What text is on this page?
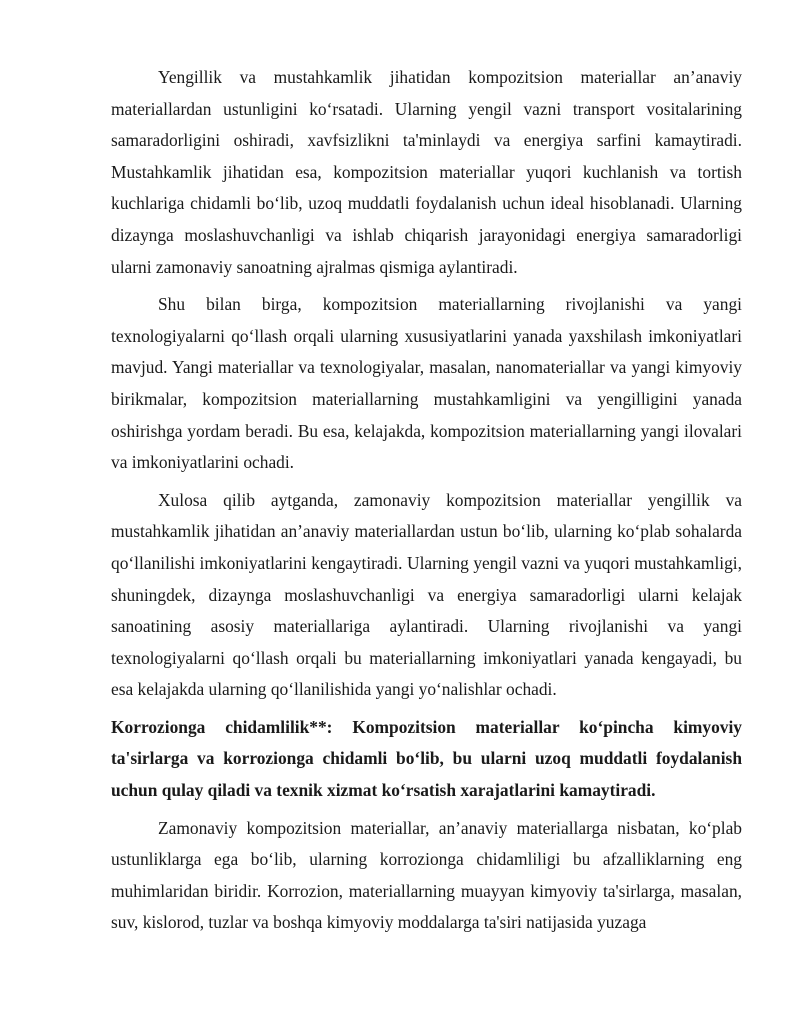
Yengillik va mustahkamlik jihatidan kompozitsion materiallar an’anaviy materiallardan ustunligini ko‘rsatadi. Ularning yengil vazni transport vositalarining samaradorligini oshiradi, xavfsizlikni ta'minlaydi va energiya sarfini kamaytiradi. Mustahkamlik jihatidan esa, kompozitsion materiallar yuqori kuchlanish va tortish kuchlariga chidamli bo‘lib, uzoq muddatli foydalanish uchun ideal hisoblanadi. Ularning dizaynga moslashuvchanligi va ishlab chiqarish jarayonidagi energiya samaradorligi ularni zamonaviy sanoatning ajralmas qismiga aylantiradi.

Shu bilan birga, kompozitsion materiallarning rivojlanishi va yangi texnologiyalarni qo‘llash orqali ularning xususiyatlarini yanada yaxshilash imkoniyatlari mavjud. Yangi materiallar va texnologiyalar, masalan, nanomateriallar va yangi kimyoviy birikmalar, kompozitsion materiallarning mustahkamligini va yengilligini yanada oshirishga yordam beradi. Bu esa, kelajakda, kompozitsion materiallarning yangi ilovalari va imkoniyatlarini ochadi.

Xulosa qilib aytganda, zamonaviy kompozitsion materiallar yengillik va mustahkamlik jihatidan an’anaviy materiallardan ustun bo‘lib, ularning ko‘plab sohalarda qo‘llanilishi imkoniyatlarini kengaytiradi. Ularning yengil vazni va yuqori mustahkamligi, shuningdek, dizaynga moslashuvchanligi va energiya samaradorligi ularni kelajak sanoatining asosiy materiallariga aylantiradi. Ularning rivojlanishi va yangi texnologiyalarni qo‘llash orqali bu materiallarning imkoniyatlari yanada kengayadi, bu esa kelajakda ularning qo‘llanilishida yangi yo‘nalishlar ochadi.

Korrozionga chidamlilik**: Kompozitsion materiallar ko‘pincha kimyoviy ta'sirlarga va korrozionga chidamli bo‘lib, bu ularni uzoq muddatli foydalanish uchun qulay qiladi va texnik xizmat ko‘rsatish xarajatlarini kamaytiradi.

Zamonaviy kompozitsion materiallar, an’anaviy materiallarga nisbatan, ko‘plab ustunliklarga ega bo‘lib, ularning korrozionga chidamliligi bu afzalliklarning eng muhimlaridan biridir. Korrozion, materiallarning muayyan kimyoviy ta'sirlarga, masalan, suv, kislorod, tuzlar va boshqa kimyoviy moddalarga ta'siri natijasida yuzaga
